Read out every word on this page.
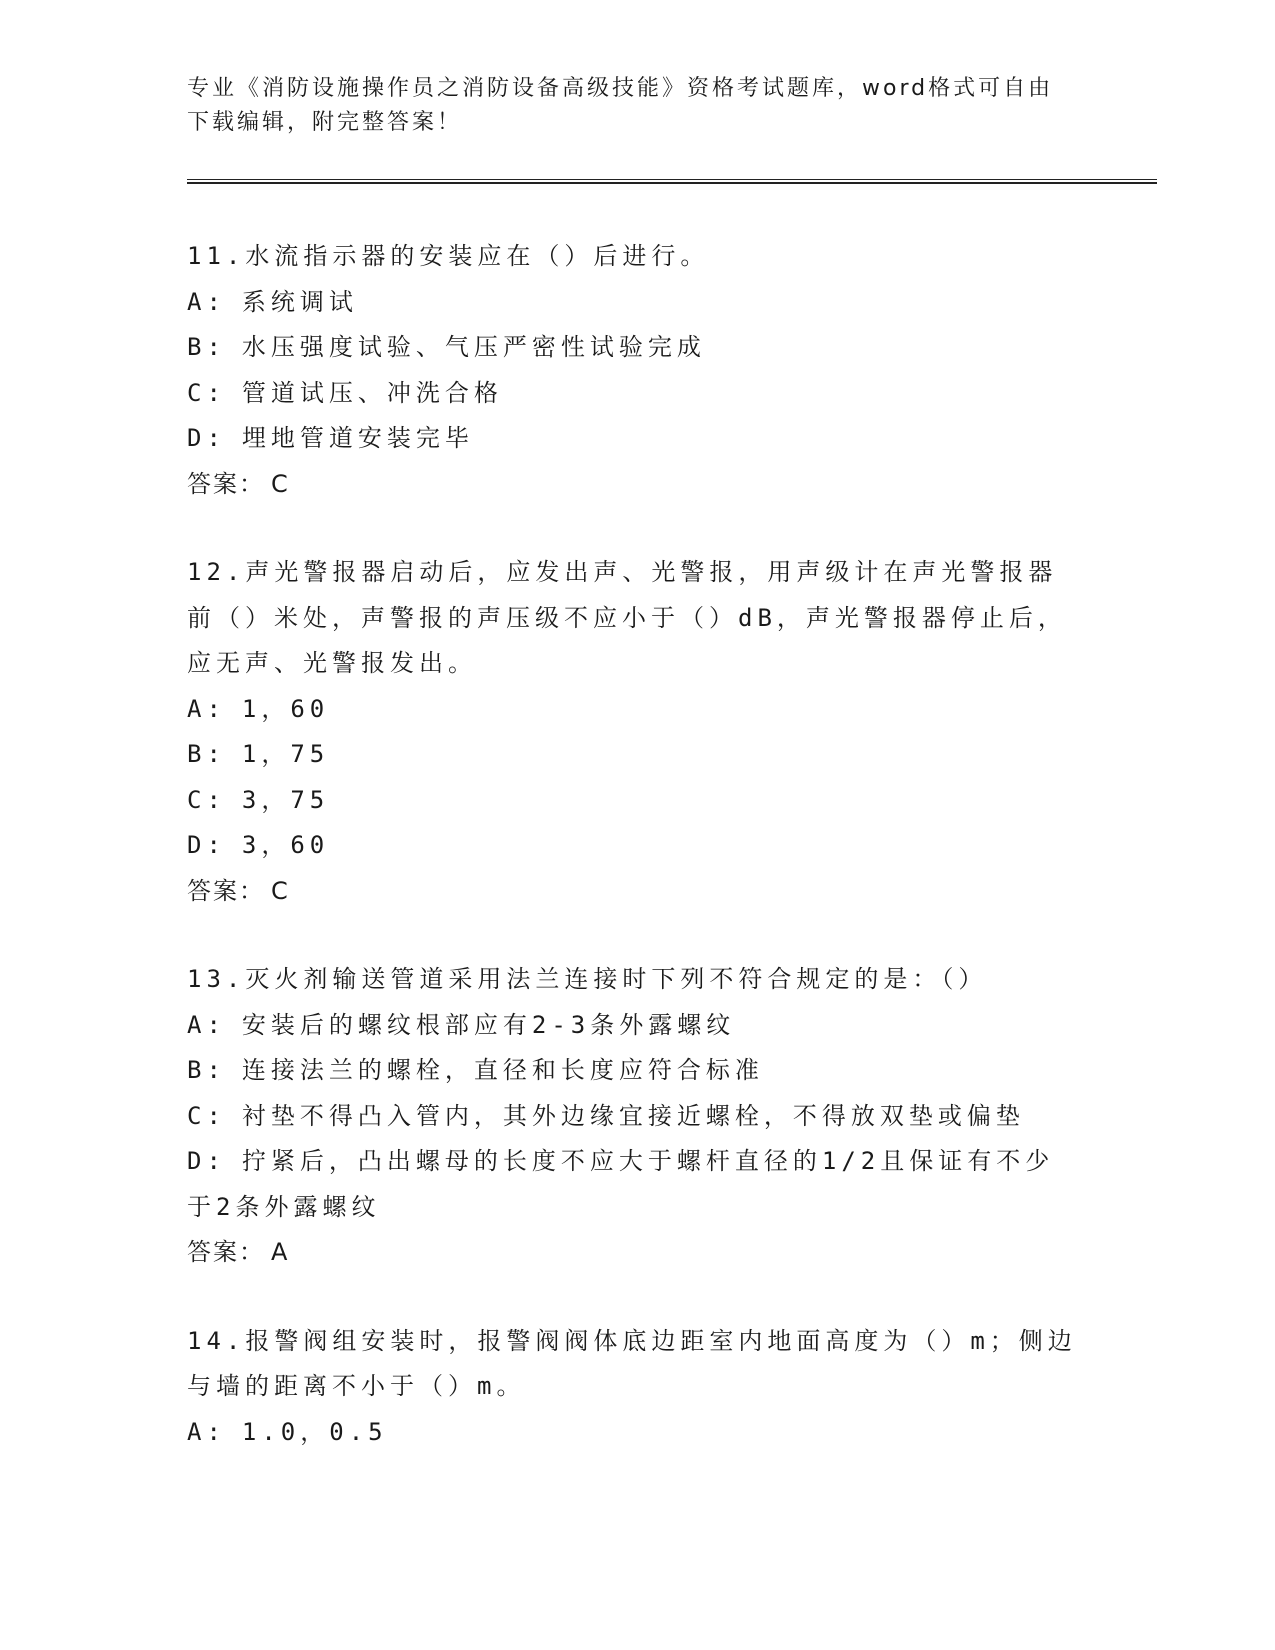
专业《消防设施操作员之消防设备高级技能》资格考试题库，word格式可自由下载编辑，附完整答案！
11.水流指示器的安装应在（）后进行。
A: 系统调试
B: 水压强度试验、气压严密性试验完成
C: 管道试压、冲洗合格
D: 埋地管道安装完毕
答案： C
12.声光警报器启动后，应发出声、光警报，用声级计在声光警报器前（）米处，声警报的声压级不应小于（）dB，声光警报器停止后，应无声、光警报发出。
A: 1，60
B: 1，75
C: 3，75
D: 3，60
答案： C
13.灭火剂输送管道采用法兰连接时下列不符合规定的是：（）
A: 安装后的螺纹根部应有2-3条外露螺纹
B: 连接法兰的螺栓，直径和长度应符合标准
C: 衬垫不得凸入管内，其外边缘宜接近螺栓，不得放双垫或偏垫
D: 拧紧后，凸出螺母的长度不应大于螺杆直径的1/2且保证有不少于2条外露螺纹
答案： A
14.报警阀组安装时，报警阀阀体底边距室内地面高度为（）m；侧边与墙的距离不小于（）m。
A: 1.0，0.5
